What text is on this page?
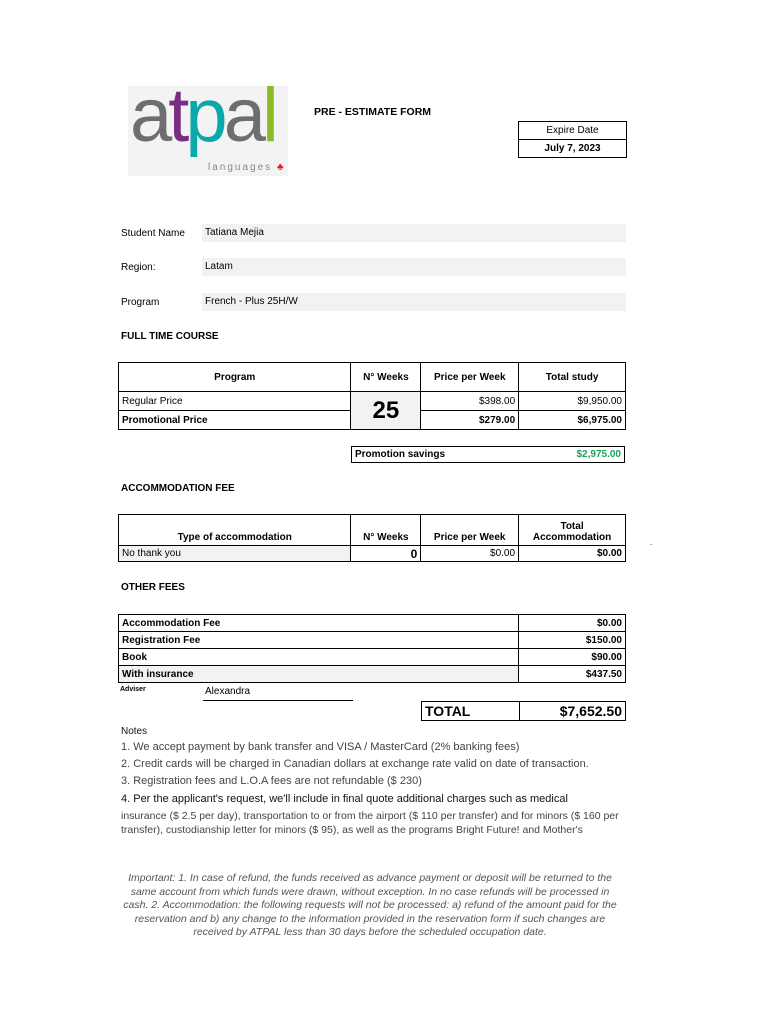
atpal
languages ♣
PRE - ESTIMATE FORM
Expire Date
July 7, 2023
Student Name	Tatiana Mejia
Region:	Latam
Program	French - Plus 25H/W
FULL TIME COURSE
Program	N° Weeks	Price per Week	Total study
Regular Price	25	$398.00	$9,950.00
Promotional Price		$279.00	$6,975.00
Promotion savings	$2,975.00
ACCOMMODATION FEE
Type of accommodation	N° Weeks	Price per Week	Total Accommodation
No thank you	0	$0.00	$0.00
.
OTHER FEES
Accommodation Fee	$0.00
Registration Fee	$150.00
Book	$90.00
With insurance	$437.50
Adviser	Alexandra
TOTAL	$7,652.50
Notes
1. We accept payment by bank transfer and VISA / MasterCard (2% banking fees)
2. Credit cards will be charged in Canadian dollars at exchange rate valid on date of transaction.
3. Registration fees and L.O.A fees are not refundable ($ 230)
4. Per the applicant's request, we'll include in final quote additional charges such as medical
insurance ($ 2.5 per day), transportation to or from the airport ($ 110 per transfer) and for minors ($ 160 per transfer), custodianship letter for minors ($ 95), as well as the programs Bright Future! and Mother's
Important: 1. In case of refund, the funds received as advance payment or deposit will be returned to the same account from which funds were drawn, without exception. In no case refunds will be processed in cash. 2. Accommodation: the following requests will not be processed: a) refund of the amount paid for the reservation and b) any change to the information provided in the reservation form if such changes are received by ATPAL less than 30 days before the scheduled occupation date.
